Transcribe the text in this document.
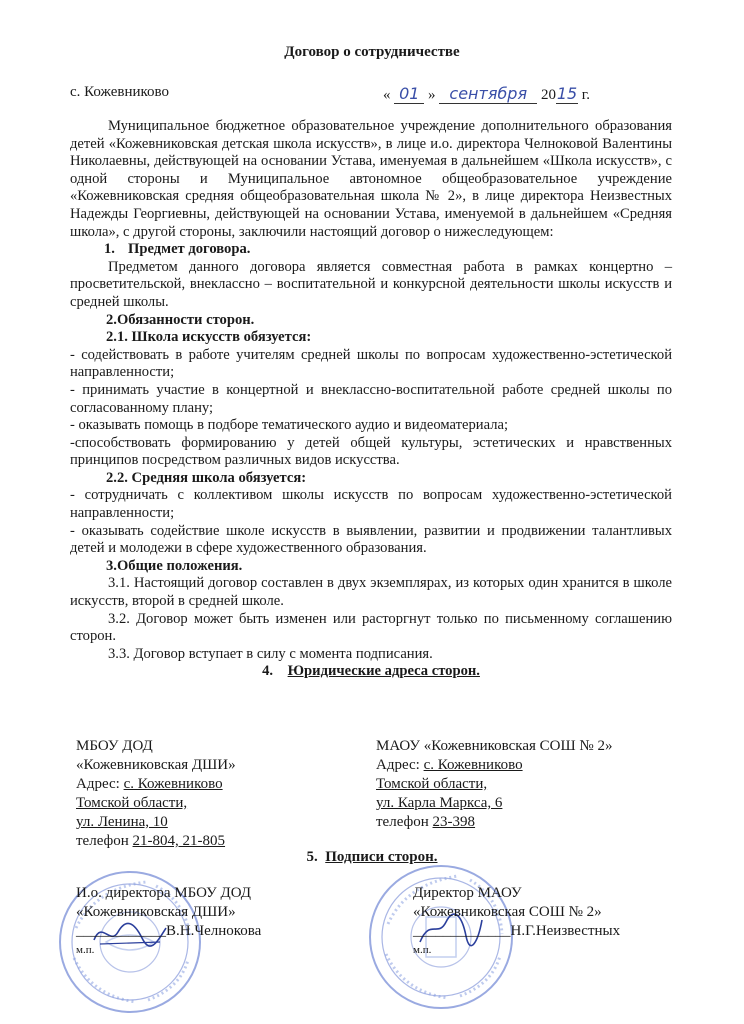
Договор о сотрудничестве
с. Кожевниково	« 01 » сентября 2015 г.

Муниципальное бюджетное образовательное учреждение дополнительного образования детей «Кожевниковская детская школа искусств», в лице и.о. директора Челноковой Валентины Николаевны, действующей на основании Устава, именуемая в дальнейшем «Школа искусств», с одной стороны и Муниципальное автономное общеобразовательное учреждение «Кожевниковская средняя общеобразовательная школа № 2», в лице директора Неизвестных Надежды Георгиевны, действующей на основании Устава, именуемой в дальнейшем «Средняя школа», с другой стороны, заключили настоящий договор о нижеследующем:

1. Предмет договора.

Предметом данного договора является совместная работа в рамках концертно – просветительской, внеклассно – воспитательной и конкурсной деятельности школы искусств и средней школы.

2.Обязанности сторон.

2.1. Школа искусств обязуется:

- содействовать в работе учителям средней школы по вопросам художественно-эстетической направленности;

- принимать участие в концертной и внеклассно-воспитательной работе средней школы по согласованному плану;

- оказывать помощь в подборе тематического аудио и видеоматериала;

-способствовать формированию у детей общей культуры, эстетических и нравственных принципов посредством различных видов искусства.

2.2. Средняя школа обязуется:

- сотрудничать с коллективом школы искусств по вопросам художественно-эстетической направленности;

- оказывать содействие школе искусств в выявлении, развитии и продвижении талантливых детей и молодежи в сфере художественного образования.

3.Общие положения.

3.1. Настоящий договор составлен в двух экземплярах, из которых один хранится в школе искусств, второй в средней школе.

3.2. Договор может быть изменен или расторгнут только по письменному соглашению сторон.

3.3. Договор вступает в силу с момента подписания.

4. Юридические адреса сторон.

МБОУ ДОД
«Кожевниковская ДШИ»
Адрес: с. Кожевниково
Томской области,
ул. Ленина, 10
телефон 21-804, 21-805
МАОУ «Кожевниковская СОШ № 2»
Адрес: с. Кожевниково
Томской области,
ул. Карла Маркса, 6
телефон 23-398
5. Подписи сторон.
И.о. директора МБОУ ДОД
«Кожевниковская ДШИ»
____________В.Н.Челнокова
м.п.
Директор МАОУ
«Кожевниковская СОШ № 2»
_____________Н.Г.Неизвестных
м.п.
